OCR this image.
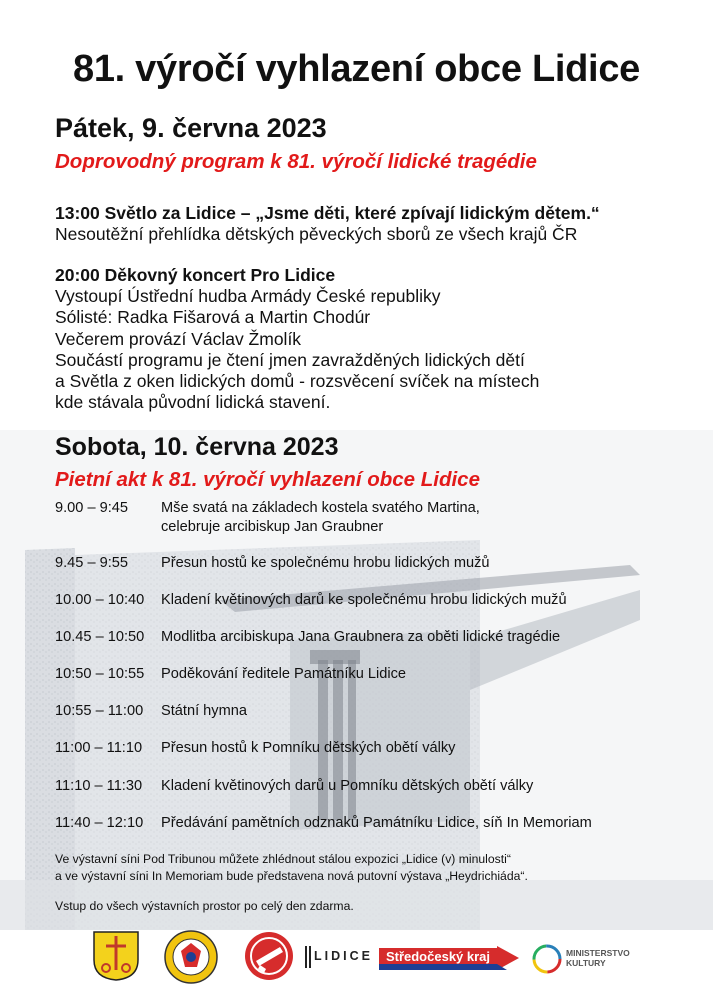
81. výročí vyhlazení obce Lidice
Pátek, 9. června 2023
Doprovodný program k 81. výročí lidické tragédie
13:00 Světlo za Lidice – „Jsme děti, které zpívají lidickým dětem.“
Nesoutěžní přehlídka dětských pěveckých sborů ze všech krajů ČR
20:00 Děkovný koncert Pro Lidice
Vystoupí Ústřední hudba Armády České republiky
Sólisté: Radka Fišarová a Martin Chodúr
Večerem provází Václav Žmolík
Součástí programu je čtení jmen zavražděných lidických dětí
a Světla z oken lidických domů - rozsvěcení svíček na místech
kde stávala původní lidická stavení.
Sobota, 10. června 2023
Pietní akt k 81. výročí vyhlazení obce Lidice
9.00 – 9:45 Mše svatá na základech kostela svatého Martina,
celebruje arcibiskup Jan Graubner
9.45 – 9:55 Přesun hostů ke společnému hrobu lidických mužů
10.00 – 10:40 Kladení květinových darů ke společnému hrobu lidických mužů
10.45 – 10:50 Modlitba arcibiskupa Jana Graubnera za oběti lidické tragédie
10:50 – 10:55 Poděkování ředitele Památníku Lidice
10:55 – 11:00 Státní hymna
11:00 – 11:10 Přesun hostů k Pomníku dětských obětí války
11:10 – 11:30 Kladení květinových darů u Pomníku dětských obětí války
11:40 – 12:10 Předávání pamětních odznaků Památníku Lidice, síň In Memoriam
Ve výstavní síni Pod Tribunou můžete zhlédnout stálou expozici „Lidice (v) minulosti“
a ve výstavní síni In Memoriam bude představena nová putovní výstava „Heydrichiáda“.
Vstup do všech výstavních prostor po celý den zdarma.
LIDICE Středočeský kraj	MINISTERSTVO
KULTURY
